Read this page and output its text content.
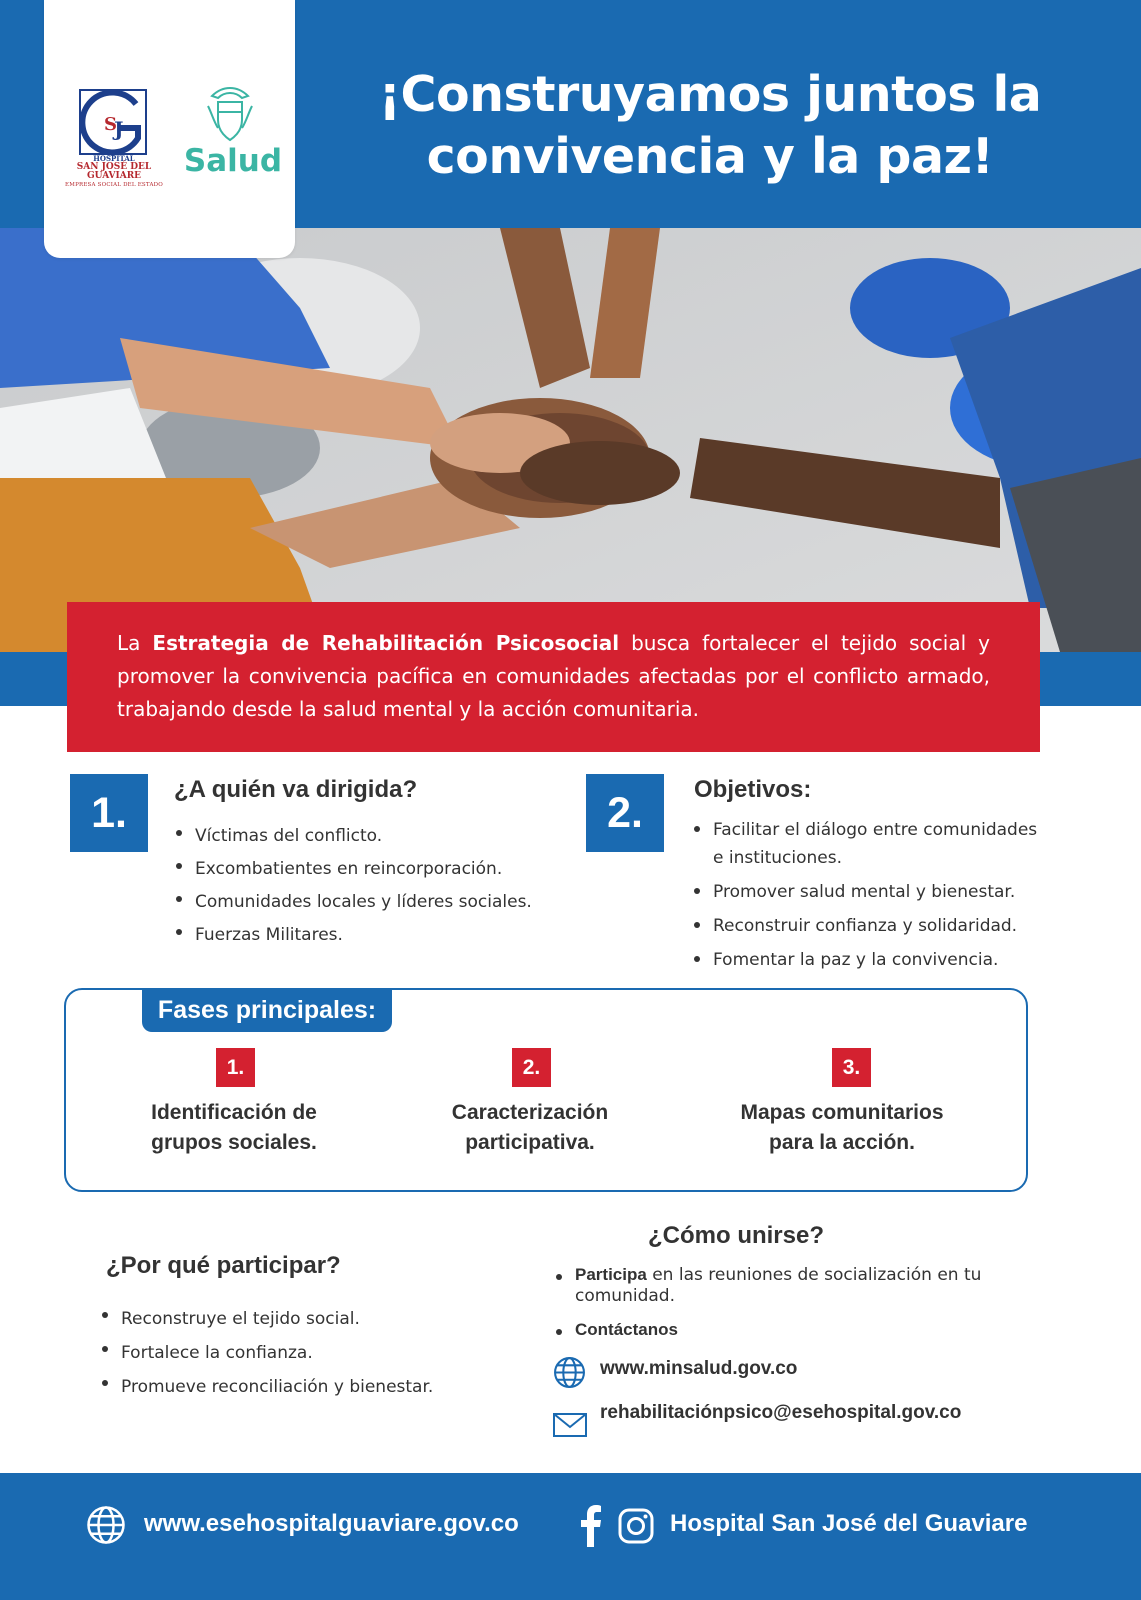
S
J
HOSPITAL
SAN JOSÉ DEL GUAVIARE
EMPRESA SOCIAL DEL ESTADO
Salud
¡Construyamos juntos la
convivencia y la paz!
La Estrategia de Rehabilitación Psicosocial busca fortalecer el tejido social y promover la convivencia pacífica en comunidades afectadas por el conflicto armado, trabajando desde la salud mental y la acción comunitaria.
1.	¿A quién va dirigida?
Víctimas del conflicto.
Excombatientes en reincorporación.
Comunidades locales y líderes sociales.
Fuerzas Militares.
2.	Objetivos:
Facilitar el diálogo entre comunidades e instituciones.
Promover salud mental y bienestar.
Reconstruir confianza y solidaridad.
Fomentar la paz y la convivencia.
Fases principales:
1.
Identificación de
grupos sociales.
2.
Caracterización
participativa.
3.
Mapas comunitarios
para la acción.
¿Por qué participar?
Reconstruye el tejido social.
Fortalece la confianza.
Promueve reconciliación y bienestar.
¿Cómo unirse?
Participa en las reuniones de socialización en tu comunidad.
Contáctanos
www.minsalud.gov.co
rehabilitaciónpsico@esehospital.gov.co
www.esehospitalguaviare.gov.co	Hospital San José del Guaviare
